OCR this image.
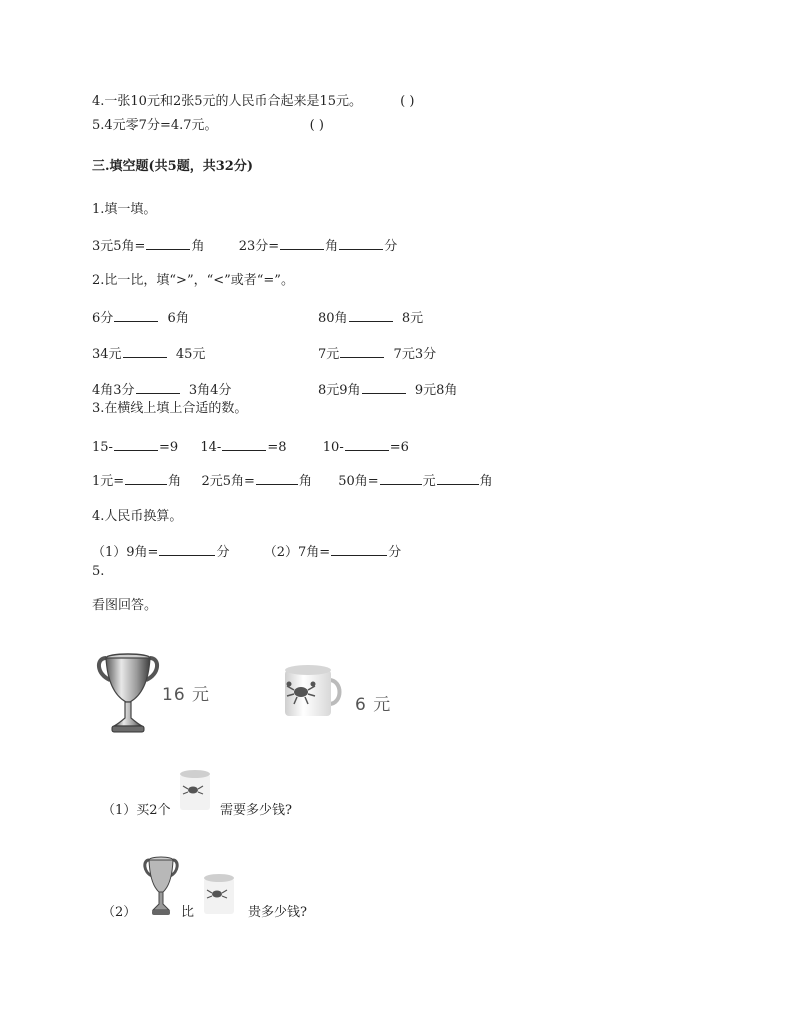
4.一张10元和2张5元的人民币合起来是15元。	( )
5.4元零7分=4.7元。	( )
三.填空题(共5题，共32分)
1.填一填。
3元5角=	角	23分=	角	分
2.比一比，填“>”，“<”或者“=”。
6分	6角	80角	8元
34元	45元	7元	7元3分
4角3分	3角4分	8元9角	9元8角
3.在横线上填上合适的数。
15-	=9 14-	=8	10-	=6
1元=	角 2元5角=	角 50角=	元	角
4.人民币换算。
（1）9角=	分	（2）7角=	分
5.
看图回答。
16 元	6 元
（1）买2个	需要多少钱?
（2）	比	贵多少钱?
